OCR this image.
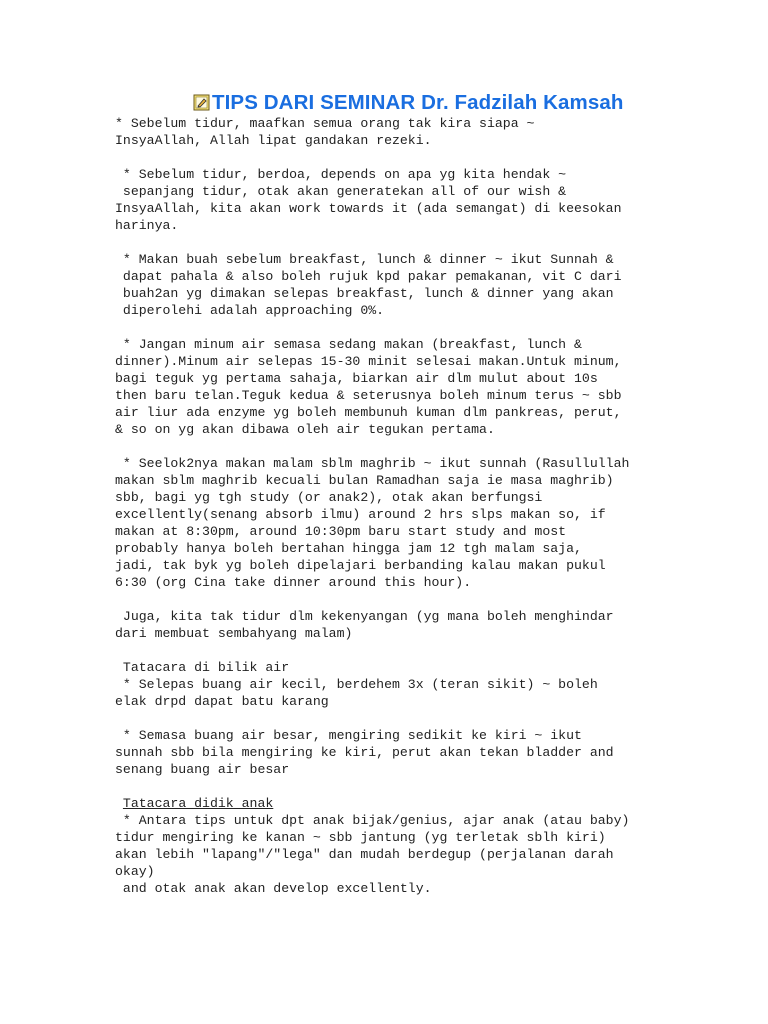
TIPS DARI SEMINAR Dr. Fadzilah Kamsah
* Sebelum tidur, maafkan semua orang tak kira siapa ~
InsyaAllah, Allah lipat gandakan rezeki.
* Sebelum tidur, berdoa, depends on apa yg kita hendak ~
sepanjang tidur, otak akan generatekan all of our wish &
InsyaAllah, kita akan work towards it (ada semangat) di keesokan
harinya.
* Makan buah sebelum breakfast, lunch & dinner ~ ikut Sunnah &
dapat pahala & also boleh rujuk kpd pakar pemakanan, vit C dari
buah2an yg dimakan selepas breakfast, lunch & dinner yang akan
diperolehi adalah approaching 0%.
* Jangan minum air semasa sedang makan (breakfast, lunch &
dinner).Minum air selepas 15-30 minit selesai makan.Untuk minum,
bagi teguk yg pertama sahaja, biarkan air dlm mulut about 10s
then baru telan.Teguk kedua & seterusnya boleh minum terus ~ sbb
air liur ada enzyme yg boleh membunuh kuman dlm pankreas, perut,
& so on yg akan dibawa oleh air tegukan pertama.
* Seelok2nya makan malam sblm maghrib ~ ikut sunnah (Rasullullah
makan sblm maghrib kecuali bulan Ramadhan saja ie masa maghrib)
sbb, bagi yg tgh study (or anak2), otak akan berfungsi
excellently(senang absorb ilmu) around 2 hrs slps makan so, if
makan at 8:30pm, around 10:30pm baru start study and most
probably hanya boleh bertahan hingga jam 12 tgh malam saja,
jadi, tak byk yg boleh dipelajari berbanding kalau makan pukul
6:30 (org Cina take dinner around this hour).
Juga, kita tak tidur dlm kekenyangan (yg mana boleh menghindar
dari membuat sembahyang malam)
Tatacara di bilik air
* Selepas buang air kecil, berdehem 3x (teran sikit) ~ boleh
elak drpd dapat batu karang
* Semasa buang air besar, mengiring sedikit ke kiri ~ ikut
sunnah sbb bila mengiring ke kiri, perut akan tekan bladder and
senang buang air besar
Tatacara didik anak
* Antara tips untuk dpt anak bijak/genius, ajar anak (atau baby)
tidur mengiring ke kanan ~ sbb jantung (yg terletak sblh kiri)
akan lebih "lapang"/"lega" dan mudah berdegup (perjalanan darah
okay)
and otak anak akan develop excellently.
